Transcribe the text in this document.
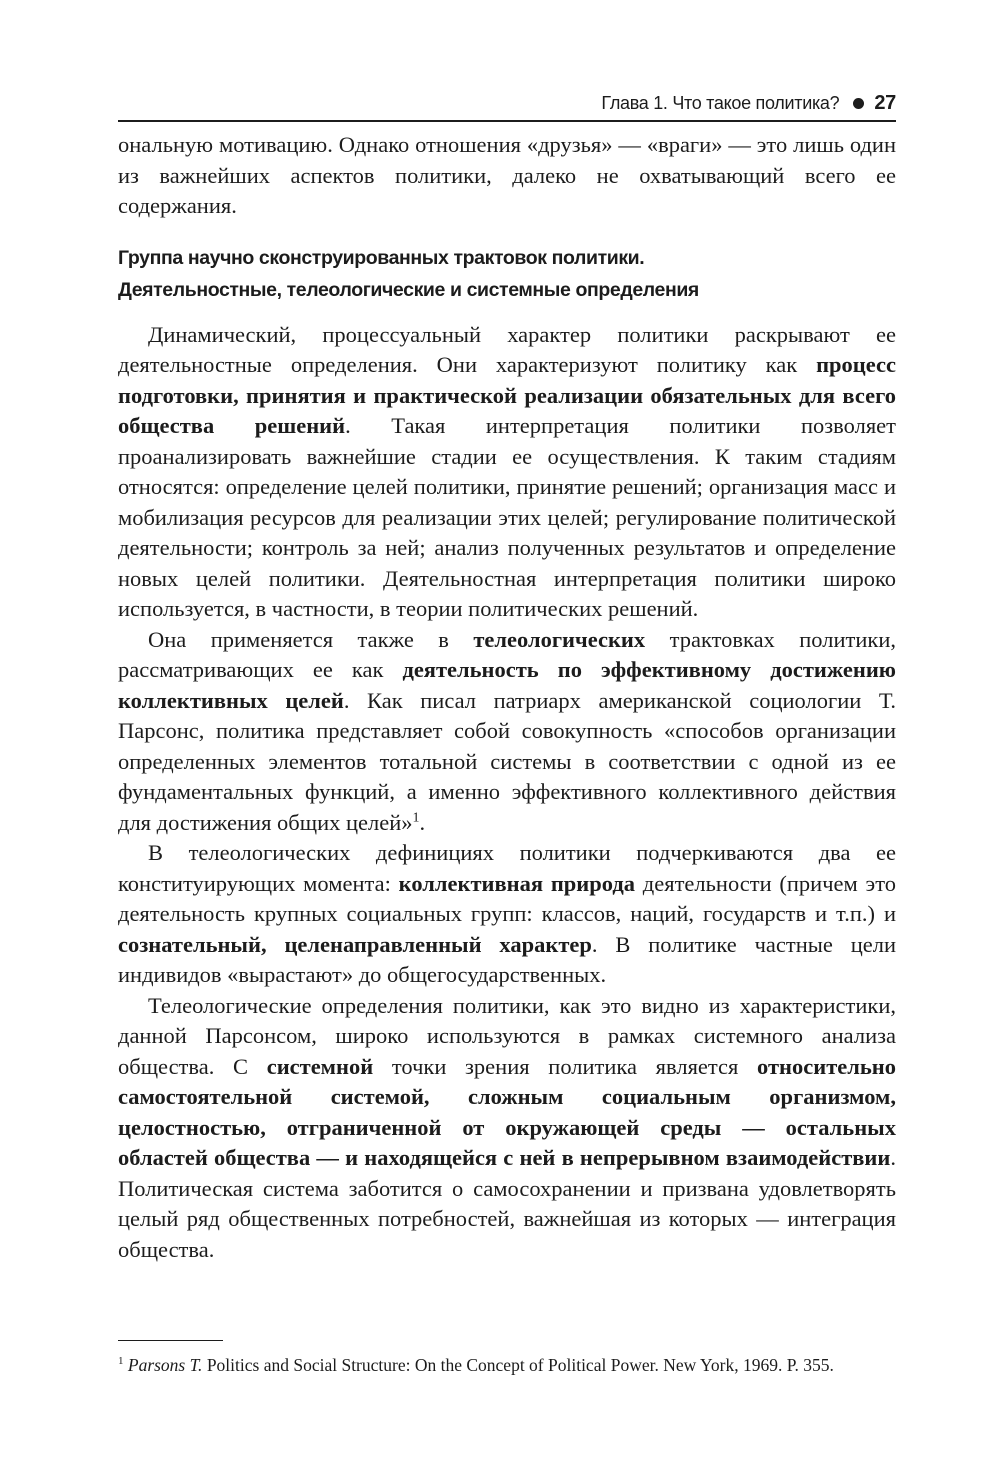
Глава 1. Что такое политика? 27

ональную мотивацию. Однако отношения «друзья» — «враги» — это лишь один из важнейших аспектов политики, далеко не охватывающий всего ее содержания.

Группа научно сконструированных трактовок политики.
Деятельностные, телеологические и системные определения

Динамический, процессуальный характер политики раскрывают ее деятельностные определения. Они характеризуют политику как процесс подготовки, принятия и практической реализации обязательных для всего общества решений. Такая интерпретация политики позволяет проанализировать важнейшие стадии ее осуществления. К таким стадиям относятся: определение целей политики, принятие решений; организация масс и мобилизация ресурсов для реализации этих целей; регулирование политической деятельности; контроль за ней; анализ полученных результатов и определение новых целей политики. Деятельностная интерпретация политики широко используется, в частности, в теории политических решений.

Она применяется также в телеологических трактовках политики, рассматривающих ее как деятельность по эффективному достижению коллективных целей. Как писал патриарх американской социологии Т. Парсонс, политика представляет собой совокупность «способов организации определенных элементов тотальной системы в соответствии с одной из ее фундаментальных функций, а именно эффективного коллективного действия для достижения общих целей»$^1$.

В телеологических дефинициях политики подчеркиваются два ее конституирующих момента: коллективная природа деятельности (причем это деятельность крупных социальных групп: классов, наций, государств и т.п.) и сознательный, целенаправленный характер. В политике частные цели индивидов «вырастают» до общегосударственных.

Телеологические определения политики, как это видно из характеристики, данной Парсонсом, широко используются в рамках системного анализа общества. С системной точки зрения политика является относительно самостоятельной системой, сложным социальным организмом, целостностью, отграниченной от окружающей среды — остальных областей общества — и находящейся с ней в непрерывном взаимодействии. Политическая система заботится о самосохранении и призвана удовлетворять целый ряд общественных потребностей, важнейшая из которых — интеграция общества.

$^1$ Parsons T. Politics and Social Structure: On the Concept of Political Power. New York, 1969. P. 355.
